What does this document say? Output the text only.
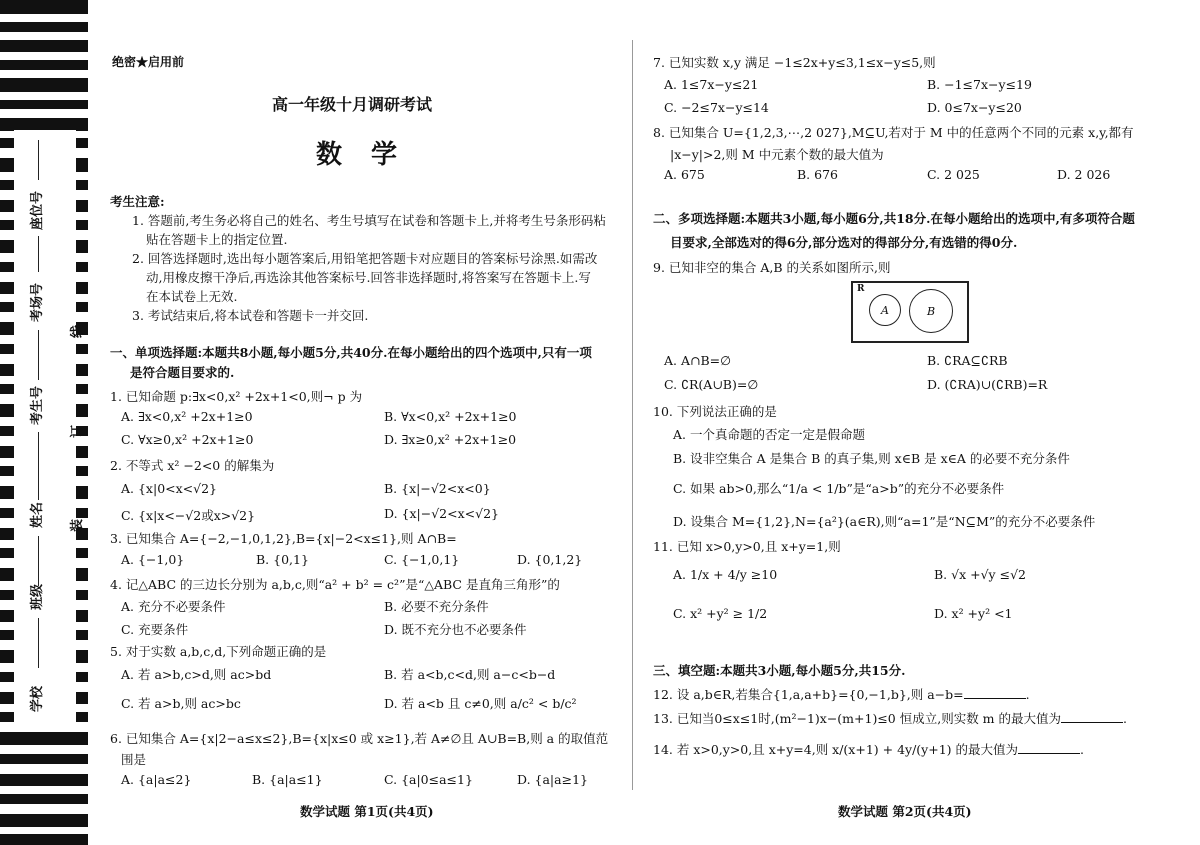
座位号
考场号
考生号
姓名
班级
学校
线
订
装
绝密★启用前
高一年级十月调研考试
数 学
考生注意:
1. 答题前,考生务必将自己的姓名、考生号填写在试卷和答题卡上,并将考生号条形码粘
贴在答题卡上的指定位置.
2. 回答选择题时,选出每小题答案后,用铅笔把答题卡对应题目的答案标号涂黑.如需改
动,用橡皮擦干净后,再选涂其他答案标号.回答非选择题时,将答案写在答题卡上.写
在本试卷上无效.
3. 考试结束后,将本试卷和答题卡一并交回.
一、单项选择题:本题共8小题,每小题5分,共40分.在每小题给出的四个选项中,只有一项
是符合题目要求的.
1. 已知命题 p:∃x<0,x² +2x+1<0,则¬ p 为
A. ∃x<0,x² +2x+1≥0	B. ∀x<0,x² +2x+1≥0
C. ∀x≥0,x² +2x+1≥0	D. ∃x≥0,x² +2x+1≥0
2. 不等式 x² −2<0 的解集为
A. {x|0<x<√2}	B. {x|−√2<x<0}
C. {x|x<−√2或x>√2}	D. {x|−√2<x<√2}
3. 已知集合 A={−2,−1,0,1,2},B={x|−2<x≤1},则 A∩B=
A. {−1,0}	B. {0,1}	C. {−1,0,1}	D. {0,1,2}
4. 记△ABC 的三边长分别为 a,b,c,则“a² + b² = c²”是“△ABC 是直角三角形”的
A. 充分不必要条件	B. 必要不充分条件
C. 充要条件	D. 既不充分也不必要条件
5. 对于实数 a,b,c,d,下列命题正确的是
A. 若 a>b,c>d,则 ac>bd	B. 若 a<b,c<d,则 a−c<b−d
C. 若 a>b,则 ac>bc	D. 若 a<b 且 c≠0,则 a/c² < b/c²
6. 已知集合 A={x|2−a≤x≤2},B={x|x≤0 或 x≥1},若 A≠∅且 A∪B=B,则 a 的取值范
围是
A. {a|a≤2}	B. {a|a≤1}	C. {a|0≤a≤1}	D. {a|a≥1}
数学试题 第1页(共4页)
7. 已知实数 x,y 满足 −1≤2x+y≤3,1≤x−y≤5,则
A. 1≤7x−y≤21	B. −1≤7x−y≤19
C. −2≤7x−y≤14	D. 0≤7x−y≤20
8. 已知集合 U={1,2,3,⋯,2 027},M⊆U,若对于 M 中的任意两个不同的元素 x,y,都有
|x−y|>2,则 M 中元素个数的最大值为
A. 675	B. 676	C. 2 025	D. 2 026
二、多项选择题:本题共3小题,每小题6分,共18分.在每小题给出的选项中,有多项符合题
目要求,全部选对的得6分,部分选对的得部分分,有选错的得0分.
9. 已知非空的集合 A,B 的关系如图所示,则
R
A	B
A. A∩B=∅	B. ∁RA⊆∁RB
C. ∁R(A∪B)=∅	D. (∁RA)∪(∁RB)=R
10. 下列说法正确的是
A. 一个真命题的否定一定是假命题
B. 设非空集合 A 是集合 B 的真子集,则 x∈B 是 x∈A 的必要不充分条件
C. 如果 ab>0,那么“1/a < 1/b”是“a>b”的充分不必要条件
D. 设集合 M={1,2},N={a²}(a∈R),则“a=1”是“N⊆M”的充分不必要条件
11. 已知 x>0,y>0,且 x+y=1,则
A. 1/x + 4/y ≥10	B. √x +√y ≤√2
C. x² +y² ≥ 1/2	D. x² +y² <1
三、填空题:本题共3小题,每小题5分,共15分.
12. 设 a,b∈R,若集合{1,a,a+b}={0,−1,b},则 a−b=	.
13. 已知当0≤x≤1时,(m²−1)x−(m+1)≤0 恒成立,则实数 m 的最大值为	.
14. 若 x>0,y>0,且 x+y=4,则 x/(x+1) + 4y/(y+1) 的最大值为	.
数学试题 第2页(共4页)
